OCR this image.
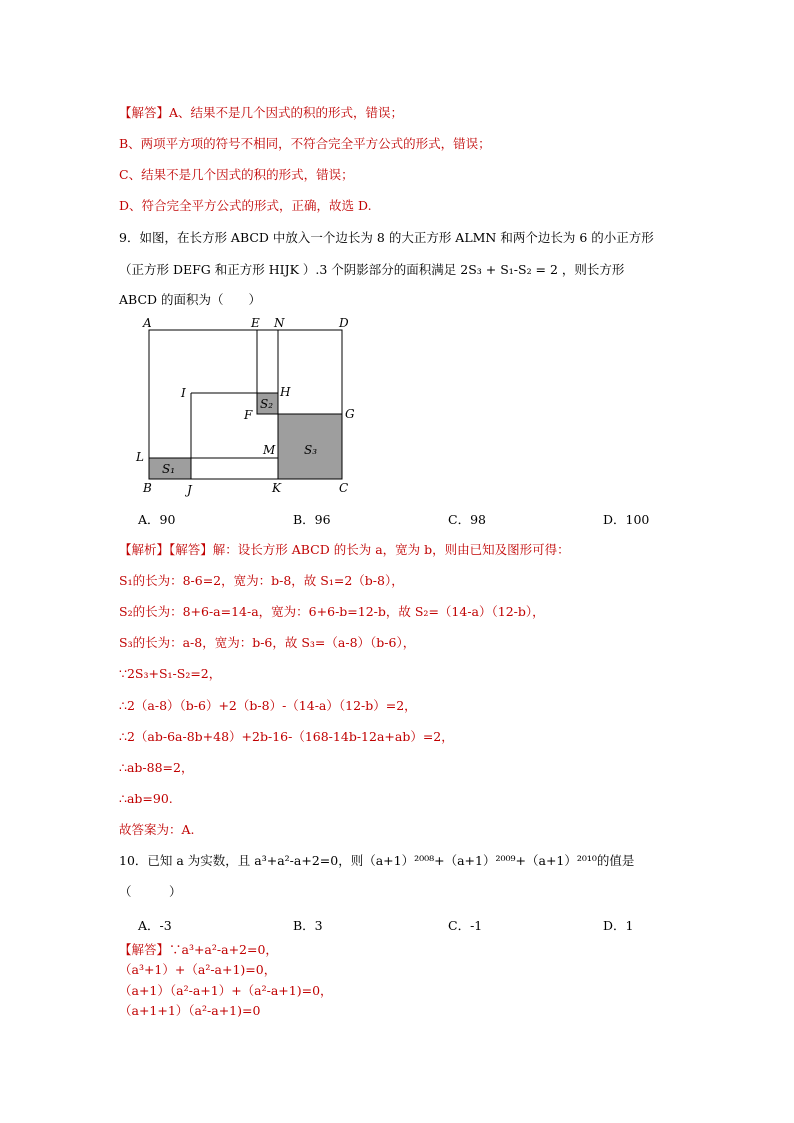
【解答】A、结果不是几个因式的积的形式，错误；
B、两项平方项的符号不相同，不符合完全平方公式的形式，错误；
C、结果不是几个因式的积的形式，错误；
D、符合完全平方公式的形式，正确，故选 D.
9．如图，在长方形 ABCD 中放入一个边长为 8 的大正方形 ALMN 和两个边长为 6 的小正方形
（正方形 DEFG 和正方形 HIJK ）.3 个阴影部分的面积满足 2S₃ + S₁-S₂ = 2 ，则长方形
ABCD 的面积为（　　）
A	E N	D
I	H
F	G
L	M
B	J	K	C
S₁
S₂
S₃
A．90	B．96	C．98	D．100
【解析】【解答】解：设长方形 ABCD 的长为 a，宽为 b，则由已知及图形可得：
S₁的长为：8-6=2，宽为：b-8，故 S₁=2（b-8），
S₂的长为：8+6-a=14-a，宽为：6+6-b=12-b，故 S₂=（14-a）（12-b），
S₃的长为：a-8，宽为：b-6，故 S₃=（a-8）（b-6），
∵2S₃+S₁-S₂=2，
∴2（a-8）（b-6）+2（b-8）-（14-a）（12-b）=2，
∴2（ab-6a-8b+48）+2b-16-（168-14b-12a+ab）=2，
∴ab-88=2，
∴ab=90.
故答案为：A.
10．已知 a 为实数，且 a³+a²-a+2=0，则（a+1）²⁰⁰⁸+（a+1）²⁰⁰⁹+（a+1）²⁰¹⁰的值是
（　　　）
A．-3	B．3	C．-1	D．1
【解答】∵a³+a²-a+2=0，
（a³+1）+（a²-a+1)=0，
（a+1）（a²-a+1）+（a²-a+1)=0，
（a+1+1）（a²-a+1)=0
